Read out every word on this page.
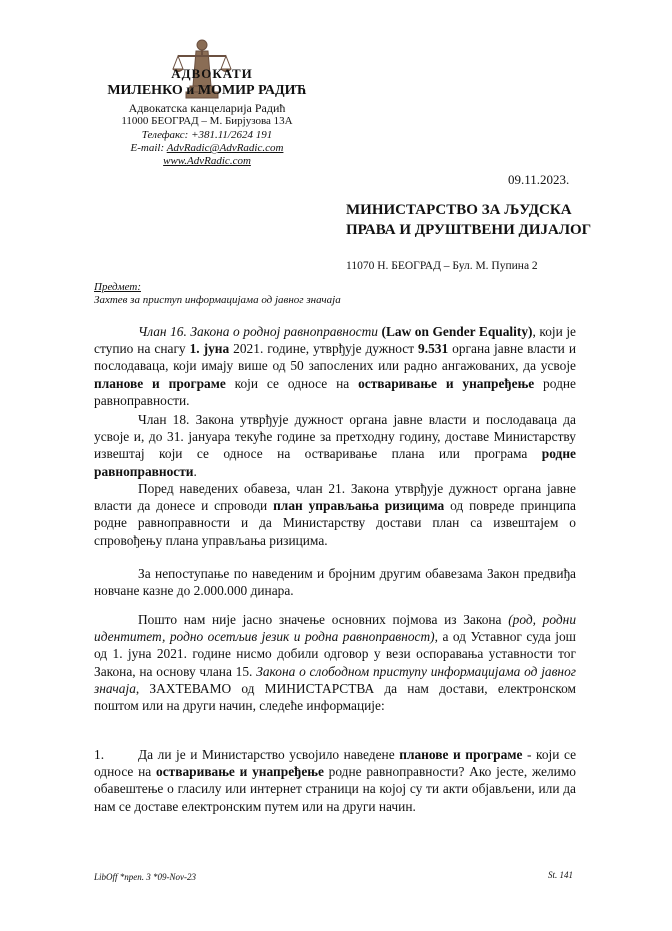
АДВОКАТИ
МИЛЕНКО и МОМИР РАДИЋ
Адвокатска канцеларија Радић
11000 БЕОГРАД – М. Бирјузова 13А
Телефакс: +381.11/2624 191
E-mail: AdvRadic@AdvRadic.com
www.AdvRadic.com
09.11.2023.
МИНИСТАРСТВО ЗА ЉУДСКА ПРАВА И ДРУШТВЕНИ ДИЈАЛОГ
11070 Н. БЕОГРАД – Бул. М. Пупина 2
Предмет:
Захтев за приступ информацијама од јавног значаја
Члан 16. Закона о родној равноправности (Law on Gender Equality), који је ступио на снагу 1. јуна 2021. године, утврђује дужност 9.531 органа јавне власти и послодаваца, који имају више од 50 запослених или радно ангажованих, да усвоје планове и програме који се односе на остваривање и унапређење родне равноправности.
Члан 18. Закона утврђује дужност органа јавне власти и послодаваца да усвоје и, до 31. јануара текуће године за претходну годину, доставе Министарству извештај који се односе на остваривање плана или програма родне равноправности.
Поред наведених обавеза, члан 21. Закона утврђује дужност органа јавне власти да донесе и спроводи план управљања ризицима од повреде принципа родне равноправности и да Министарству достави план са извештајем о спровођењу плана управљања ризицима.
За непоступање по наведеним и бројним другим обавезама Закон предвиђа новчане казне до 2.000.000 динара.
Пошто нам није јасно значење основних појмова из Закона (род, родни идентитет, родно осетљив језик и родна равноправност), а од Уставног суда још од 1. јуна 2021. године нисмо добили одговор у вези оспоравања уставности тог Закона, на основу члана 15. Закона о слободном приступу информацијама од јавног значаја, ЗАХТЕВАМО од МИНИСТАРСТВА да нам достави, електронском поштом или на други начин, следеће информације:
1.	Да ли је и Министарство усвојило наведене планове и програме - који се односе на остваривање и унапређење родне равноправности? Ако јесте, желимо обавештење о гласилу или интернет страници на којој су ти акти објављени, или да нам се доставе електронским путем или на други начин.
LibOff *npen. 3 *09-Nov-23	St. 141
